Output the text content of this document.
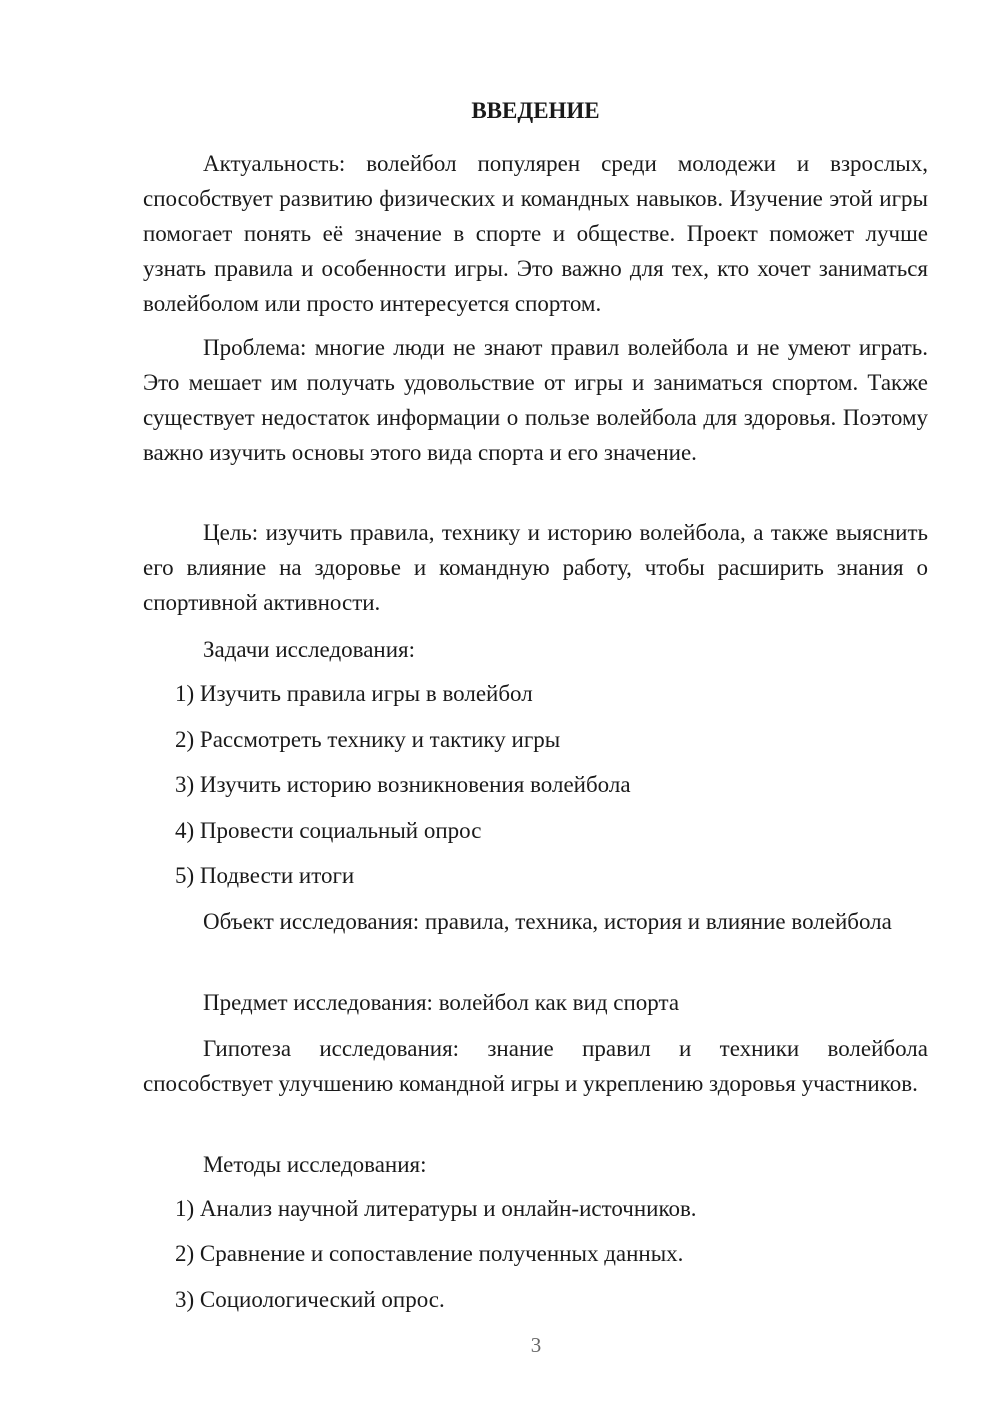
ВВЕДЕНИЕ

Актуальность: волейбол популярен среди молодежи и взрослых, способствует развитию физических и командных навыков. Изучение этой игры помогает понять её значение в спорте и обществе. Проект поможет лучше узнать правила и особенности игры. Это важно для тех, кто хочет заниматься волейболом или просто интересуется спортом.

Проблема: многие люди не знают правил волейбола и не умеют играть. Это мешает им получать удовольствие от игры и заниматься спортом. Также существует недостаток информации о пользе волейбола для здоровья. Поэтому важно изучить основы этого вида спорта и его значение.

Цель: изучить правила, технику и историю волейбола, а также выяснить его влияние на здоровье и командную работу, чтобы расширить знания о спортивной активности.

Задачи исследования:

1) Изучить правила игры в волейбол
2) Рассмотреть технику и тактику игры
3) Изучить историю возникновения волейбола
4) Провести социальный опрос
5) Подвести итоги

Объект исследования: правила, техника, история и влияние волейбола

Предмет исследования: волейбол как вид спорта

Гипотеза исследования: знание правил и техники волейбола способствует улучшению командной игры и укреплению здоровья участников.

Методы исследования:

1) Анализ научной литературы и онлайн-источников.
2) Сравнение и сопоставление полученных данных.
3) Социологический опрос.
3
